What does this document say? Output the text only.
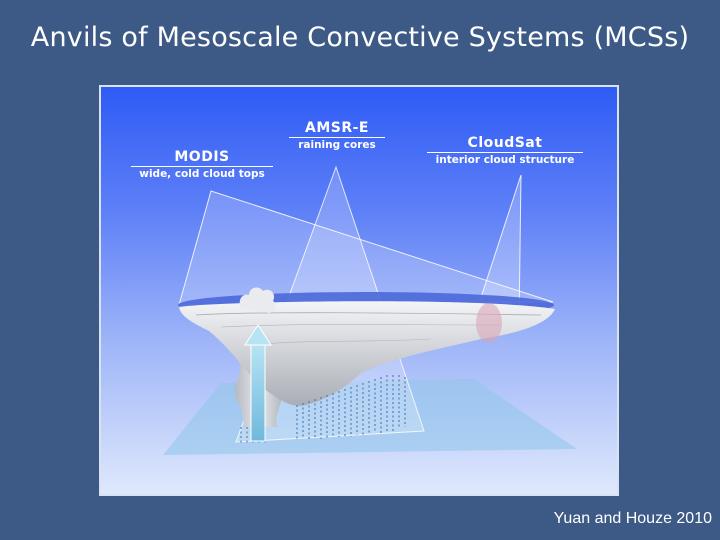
Anvils of Mesoscale Convective Systems (MCSs)
MODIS
wide, cold cloud tops
AMSR-E
raining cores	CloudSat
interior cloud structure
Yuan and Houze 2010
